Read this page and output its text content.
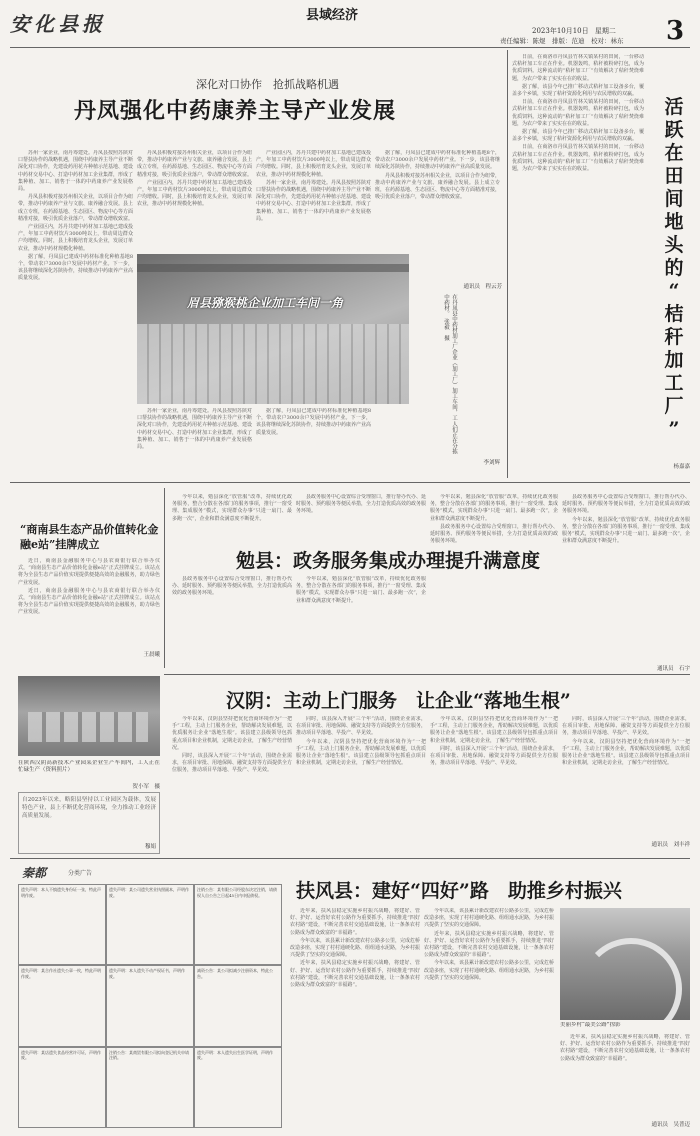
安化县报	县域经济
2023年10月10日 星期二
责任编辑：陈煜　排版：范迪　校对：林东 3
深化对口协作　抢抓战略机遇
丹凤强化中药康养主导产业发展

苏州一家企业，南丹筹建处。丹凤县按照苏陕对口帮扶协作的战略机遇，围绕中药康养主导产业不断深化对口协作，先建设药用花卉种植示范基地、建设中药材交易中心、打造中药材加工企业集群，形成了集种植、加工、销售于一体的中药康养产业发展格局。

丹凤县积极对接苏州相关企业，以项目合作为纽带，推动中药康养产业与文旅、康养融合发展。县上成立专班，在药源基地、生态园区、物流中心等方面精准对接，吸引优质企业落户，带动群众增收致富。

产业园区内，苏丹共建中药材加工基地已建成投产，年加工中药材饮片3000吨以上，带动周边群众户均增收。同时，县上积极培育龙头企业，发展订单农业，推动中药材规模化种植。

据了解，丹凤县已建成中药材标准化种植基地8个，带动农户3000余户发展中药材产业。下一步，该县将继续深化苏陕协作，持续推动中药康养产业高质量发展。

丹凤县积极对接苏州相关企业，以项目合作为纽带，推动中药康养产业与文旅、康养融合发展。县上成立专班，在药源基地、生态园区、物流中心等方面精准对接，吸引优质企业落户，带动群众增收致富。

产业园区内，苏丹共建中药材加工基地已建成投产，年加工中药材饮片3000吨以上，带动周边群众户均增收。同时，县上积极培育龙头企业，发展订单农业，推动中药材规模化种植。

产业园区内，苏丹共建中药材加工基地已建成投产，年加工中药材饮片3000吨以上，带动周边群众户均增收。同时，县上积极培育龙头企业，发展订单农业，推动中药材规模化种植。

苏州一家企业，南丹筹建处。丹凤县按照苏陕对口帮扶协作的战略机遇，围绕中药康养主导产业不断深化对口协作，先建设药用花卉种植示范基地、建设中药材交易中心、打造中药材加工企业集群，形成了集种植、加工、销售于一体的中药康养产业发展格局。

据了解，丹凤县已建成中药材标准化种植基地8个，带动农户3000余户发展中药材产业。下一步，该县将继续深化苏陕协作，持续推动中药康养产业高质量发展。

丹凤县积极对接苏州相关企业，以项目合作为纽带，推动中药康养产业与文旅、康养融合发展。县上成立专班，在药源基地、生态园区、物流中心等方面精准对接，吸引优质企业落户，带动群众增收致富。

通讯员　程云芳
眉县猕猴桃企业加工车间一角	在丹凤县中药材加工厂企业（加工厂）加工车间，工人们正在分拣中药材。　张毅　摄
李刘辉

据了解，丹凤县已建成中药材标准化种植基地8个，带动农户3000余户发展中药材产业。下一步，该县将继续深化苏陕协作，持续推动中药康养产业高质量发展。

苏州一家企业，南丹筹建处。丹凤县按照苏陕对口帮扶协作的战略机遇，围绕中药康养主导产业不断深化对口协作，先建设药用花卉种植示范基地、建设中药材交易中心、打造中药材加工企业集群，形成了集种植、加工、销售于一体的中药康养产业发展格局。

日前，在商洛市丹凤县竹林关镇某村的田间，一台移动式秸秆加工车正在作业。机器轰鸣，秸秆被粉碎打包，成为优质饲料。这种流动的“秸秆加工厂”有效解决了秸秆焚烧难题，为农户带来了实实在在的收益。

据了解，该县今年已推广移动式秸秆加工设备多台，覆盖多个乡镇，实现了秸秆资源化利用与农民增收的双赢。

日前，在商洛市丹凤县竹林关镇某村的田间，一台移动式秸秆加工车正在作业。机器轰鸣，秸秆被粉碎打包，成为优质饲料。这种流动的“秸秆加工厂”有效解决了秸秆焚烧难题，为农户带来了实实在在的收益。

据了解，该县今年已推广移动式秸秆加工设备多台，覆盖多个乡镇，实现了秸秆资源化利用与农民增收的双赢。

日前，在商洛市丹凤县竹林关镇某村的田间，一台移动式秸秆加工车正在作业。机器轰鸣，秸秆被粉碎打包，成为优质饲料。这种流动的“秸秆加工厂”有效解决了秸秆焚烧难题，为农户带来了实实在在的收益。

活
跃
在
田
间
地
头
的
“
桔
秆
加
工
厂
”
杨嘉嘉
“商南县生态产品价值转化金融e站”挂牌成立

近日，商南县金融服务中心与县农商银行联合举办仪式，“商南县生态产品价值转化金融e站”正式挂牌成立。该站点将为全县生态产品价值实现提供便捷高效的金融服务，助力绿色产业发展。

近日，商南县金融服务中心与县农商银行联合举办仪式，“商南县生态产品价值转化金融e站”正式挂牌成立。该站点将为全县生态产品价值实现提供便捷高效的金融服务，助力绿色产业发展。

王晨曦
勉县：政务服务集成办理提升满意度

今年以来，勉县深化“放管服”改革，持续优化政务服务，整合分散在各部门的服务事项，推行“一窗受理、集成服务”模式，实现群众办事“只进一扇门、最多跑一次”，企业和群众满意度不断提升。

县政务服务中心设置综合受理窗口，推行帮办代办、延时服务、预约服务等便民举措，全力打造优质高效的政务服务环境。

今年以来，勉县深化“放管服”改革，持续优化政务服务，整合分散在各部门的服务事项，推行“一窗受理、集成服务”模式，实现群众办事“只进一扇门、最多跑一次”，企业和群众满意度不断提升。

县政务服务中心设置综合受理窗口，推行帮办代办、延时服务、预约服务等便民举措，全力打造优质高效的政务服务环境。

县政务服务中心设置综合受理窗口，推行帮办代办、延时服务、预约服务等便民举措，全力打造优质高效的政务服务环境。

今年以来，勉县深化“放管服”改革，持续优化政务服务，整合分散在各部门的服务事项，推行“一窗受理、集成服务”模式，实现群众办事“只进一扇门、最多跑一次”，企业和群众满意度不断提升。

县政务服务中心设置综合受理窗口，推行帮办代办、延时服务、预约服务等便民举措，全力打造优质高效的政务服务环境。

今年以来，勉县深化“放管服”改革，持续优化政务服务，整合分散在各部门的服务事项，推行“一窗受理、集成服务”模式，实现群众办事“只进一扇门、最多跑一次”，企业和群众满意度不断提升。

通讯员　石宇
汉阴：主动上门服务　让企业“落地生根”
在陕西汉阴高新技术产业园某企业生产车间内，工人正在忙碌生产（资料照片）
贺小军　摄
自2023年以来，略阳县坚持以工业园区为载体，发展特色产业，县上不断优化营商环境，全力推动工业经济高质量发展。
穆娟

今年以来，汉阴县坚持把优化营商环境作为“一把手”工程，主动上门服务企业，帮助解决发展难题，以优质服务让企业“落地生根”。该县建立县级领导包抓重点项目和企业机制，定期走访企业，了解生产经营情况。

同时，该县深入开展“三个年”活动，围绕企业需求，在项目审批、用地保障、融资支持等方面提供全方位服务，推动项目早落地、早投产、早见效。

同时，该县深入开展“三个年”活动，围绕企业需求，在项目审批、用地保障、融资支持等方面提供全方位服务，推动项目早落地、早投产、早见效。

今年以来，汉阴县坚持把优化营商环境作为“一把手”工程，主动上门服务企业，帮助解决发展难题，以优质服务让企业“落地生根”。该县建立县级领导包抓重点项目和企业机制，定期走访企业，了解生产经营情况。

今年以来，汉阴县坚持把优化营商环境作为“一把手”工程，主动上门服务企业，帮助解决发展难题，以优质服务让企业“落地生根”。该县建立县级领导包抓重点项目和企业机制，定期走访企业，了解生产经营情况。

同时，该县深入开展“三个年”活动，围绕企业需求，在项目审批、用地保障、融资支持等方面提供全方位服务，推动项目早落地、早投产、早见效。

同时，该县深入开展“三个年”活动，围绕企业需求，在项目审批、用地保障、融资支持等方面提供全方位服务，推动项目早落地、早投产、早见效。

今年以来，汉阴县坚持把优化营商环境作为“一把手”工程，主动上门服务企业，帮助解决发展难题，以优质服务让企业“落地生根”。该县建立县级领导包抓重点项目和企业机制，定期走访企业，了解生产经营情况。

通讯员　刘丰祥
秦都	分类广告
遗失声明：本人不慎遗失身份证一张，特此声明作废。
遗失声明：某公司遗失营业执照副本，声明作废。
注销公告：某有限公司经股东决定注销，请债权人自公告之日起45日内申报债权。
遗失声明：某合作社遗失公章一枚，特此声明作废。
遗失声明：本人遗失不动产权证书，声明作废。
减资公告：某公司拟减少注册资本，特此公告。
遗失声明：某店遗失食品经营许可证，声明作废。
注销公告：某商贸有限公司拟向登记机关申请注销。
遗失声明：本人遗失出生医学证明，声明作废。
扶风县：建好“四好”路　助推乡村振兴

近年来，扶风县稳定实施乡村振兴战略，将建好、管好、护好、运营好农村公路作为重要抓手，持续推进“四好农村路”建设，不断完善农村交通基础设施，让一条条农村公路成为群众致富的“幸福路”。

今年以来，该县累计新改建农村公路多公里，完成危桥改造多座，实现了村村通硬化路、组组通水泥路，为乡村振兴提供了坚实的交通保障。

近年来，扶风县稳定实施乡村振兴战略，将建好、管好、护好、运营好农村公路作为重要抓手，持续推进“四好农村路”建设，不断完善农村交通基础设施，让一条条农村公路成为群众致富的“幸福路”。

今年以来，该县累计新改建农村公路多公里，完成危桥改造多座，实现了村村通硬化路、组组通水泥路，为乡村振兴提供了坚实的交通保障。

近年来，扶风县稳定实施乡村振兴战略，将建好、管好、护好、运营好农村公路作为重要抓手，持续推进“四好农村路”建设，不断完善农村交通基础设施，让一条条农村公路成为群众致富的“幸福路”。

今年以来，该县累计新改建农村公路多公里，完成危桥改造多座，实现了村村通硬化路、组组通水泥路，为乡村振兴提供了坚实的交通保障。

美丽乡村“最美公路”掠影

近年来，扶风县稳定实施乡村振兴战略，将建好、管好、护好、运营好农村公路作为重要抓手，持续推进“四好农村路”建设，不断完善农村交通基础设施，让一条条农村公路成为群众致富的“幸福路”。

通讯员　吴普迈
